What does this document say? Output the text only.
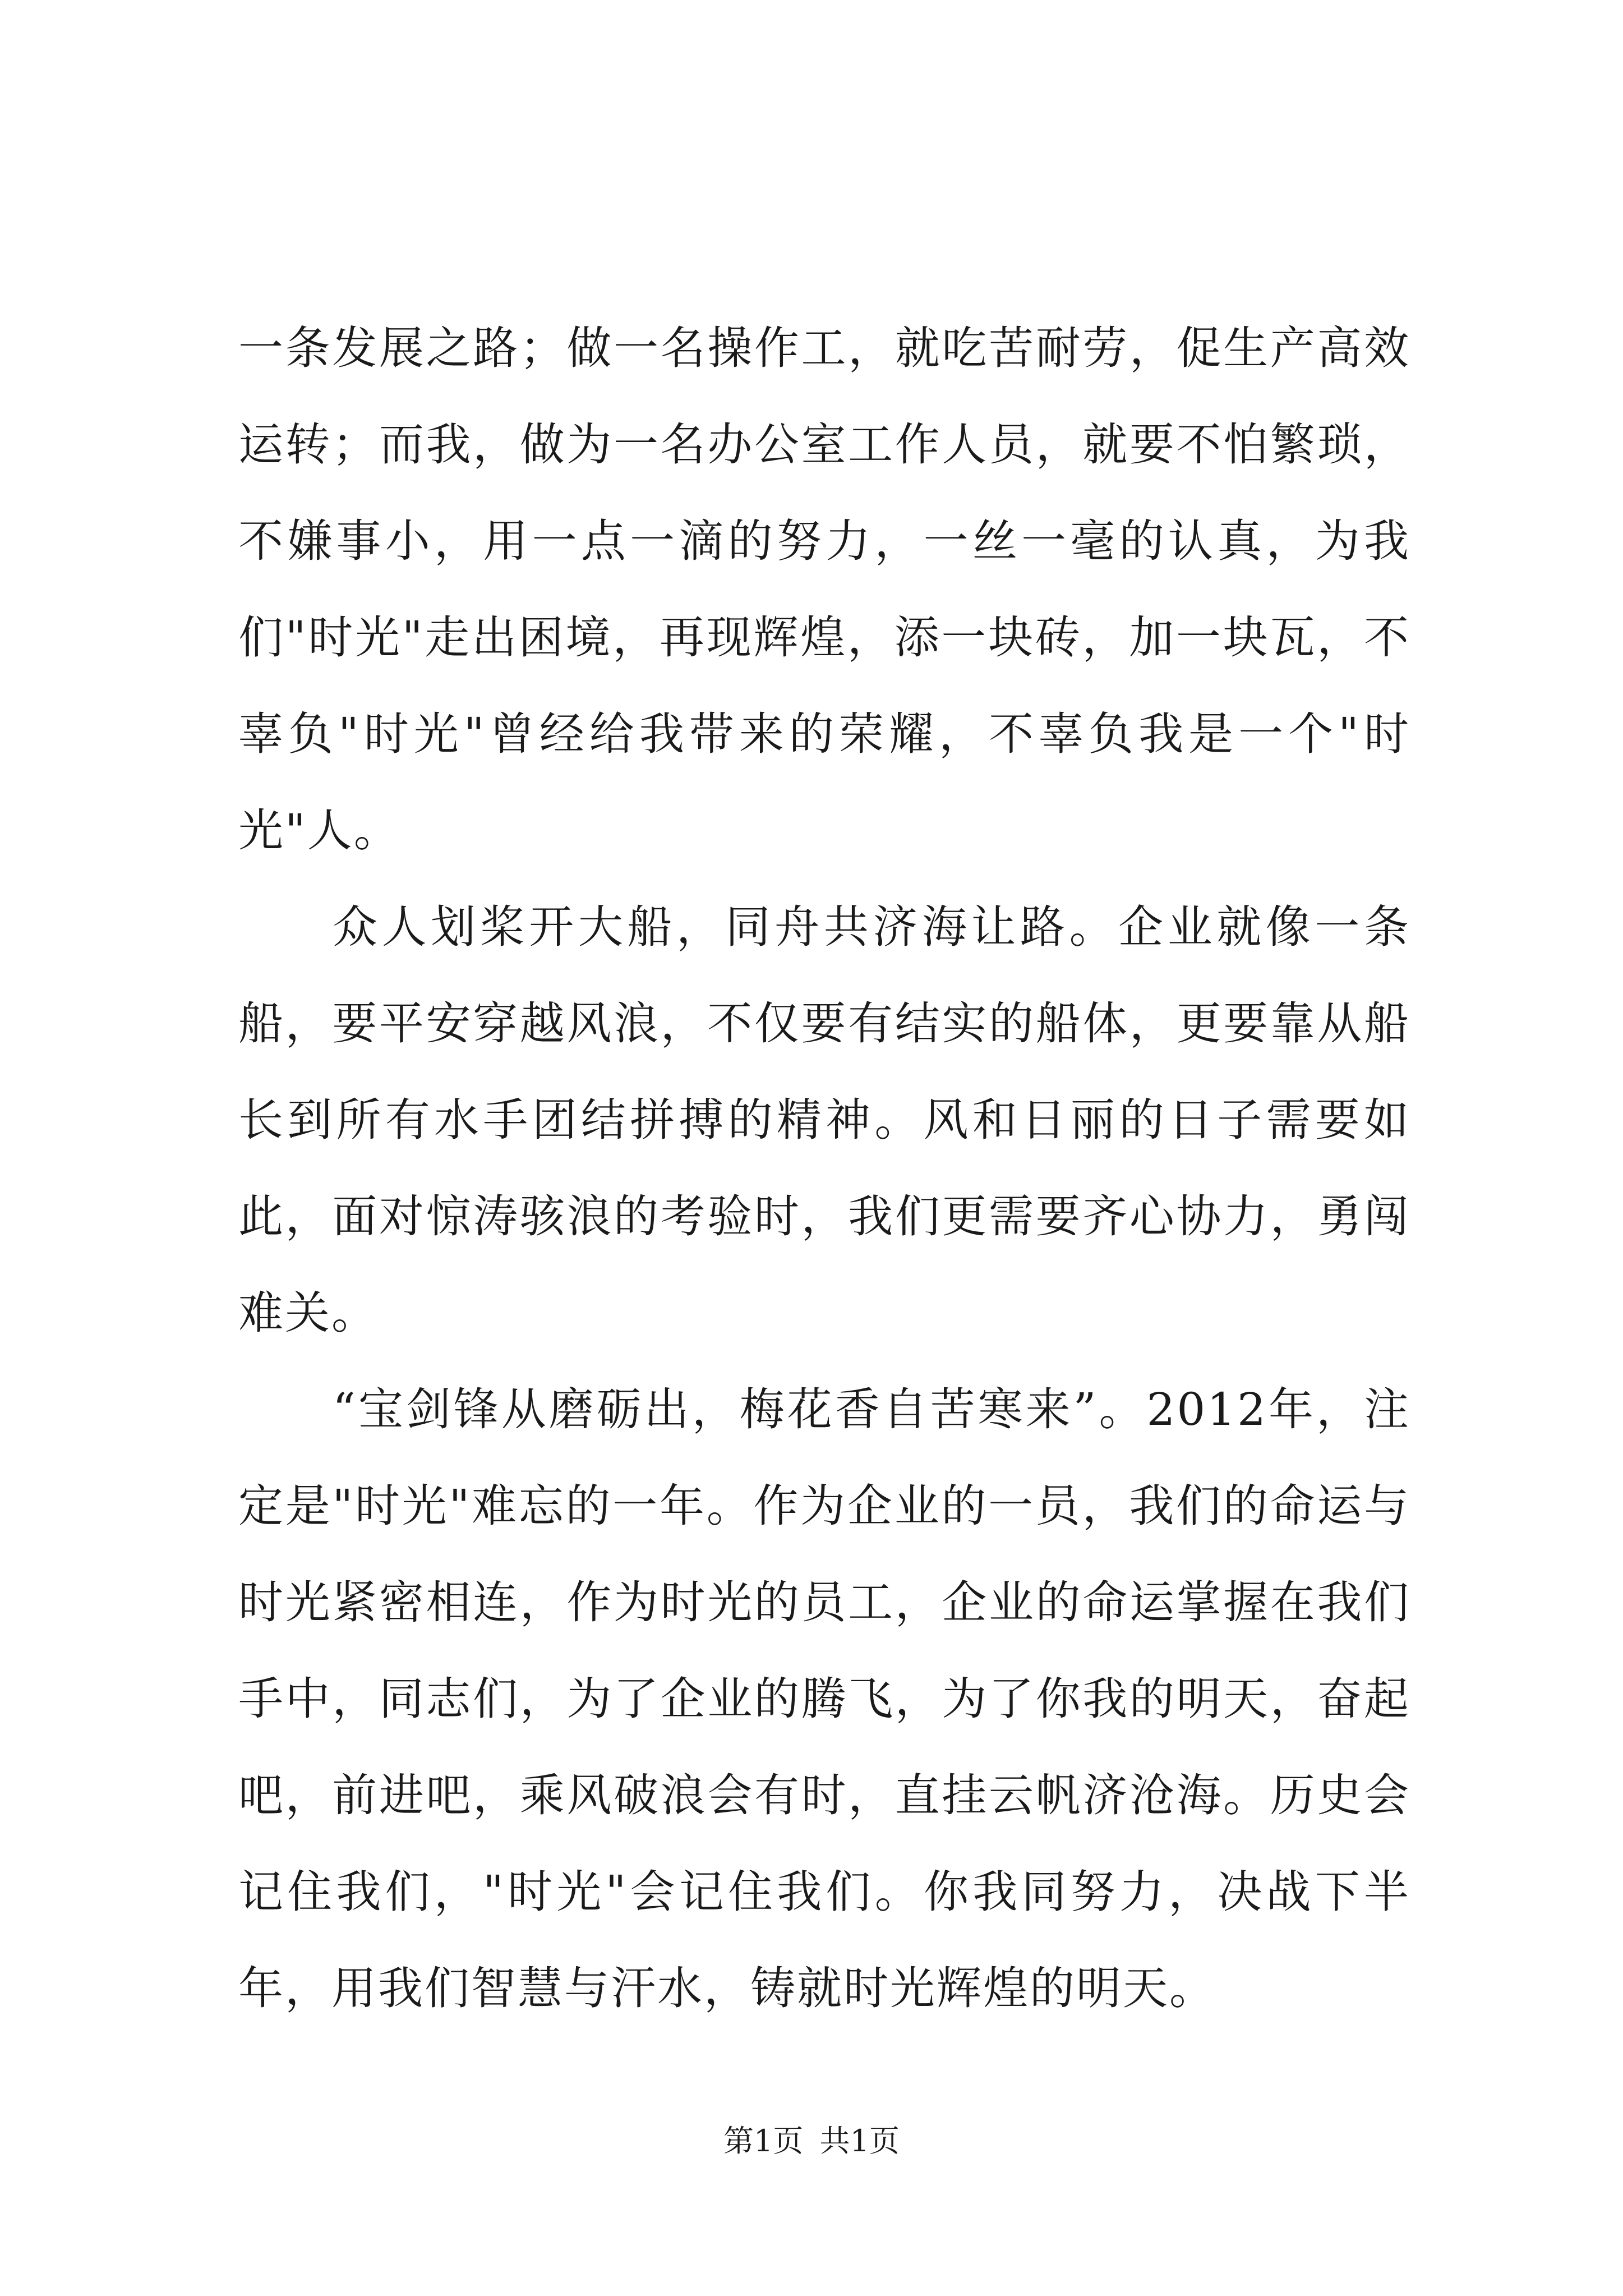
一条发展之路；做一名操作工，就吃苦耐劳，促生产高效运转；而我，做为一名办公室工作人员，就要不怕繁琐，不嫌事小，用一点一滴的努力，一丝一毫的认真，为我们"时光"走出困境，再现辉煌，添一块砖，加一块瓦，不辜负"时光"曾经给我带来的荣耀，不辜负我是一个"时光"人。

众人划桨开大船，同舟共济海让路。企业就像一条船，要平安穿越风浪，不仅要有结实的船体，更要靠从船长到所有水手团结拼搏的精神。风和日丽的日子需要如此，面对惊涛骇浪的考验时，我们更需要齐心协力，勇闯难关。

“宝剑锋从磨砺出，梅花香自苦寒来”。2012年，注定是"时光"难忘的一年。作为企业的一员，我们的命运与时光紧密相连，作为时光的员工，企业的命运掌握在我们手中，同志们，为了企业的腾飞，为了你我的明天，奋起吧，前进吧，乘风破浪会有时，直挂云帆济沧海。历史会记住我们，"时光"会记住我们。你我同努力，决战下半年，用我们智慧与汗水，铸就时光辉煌的明天。

第1页 共1页
